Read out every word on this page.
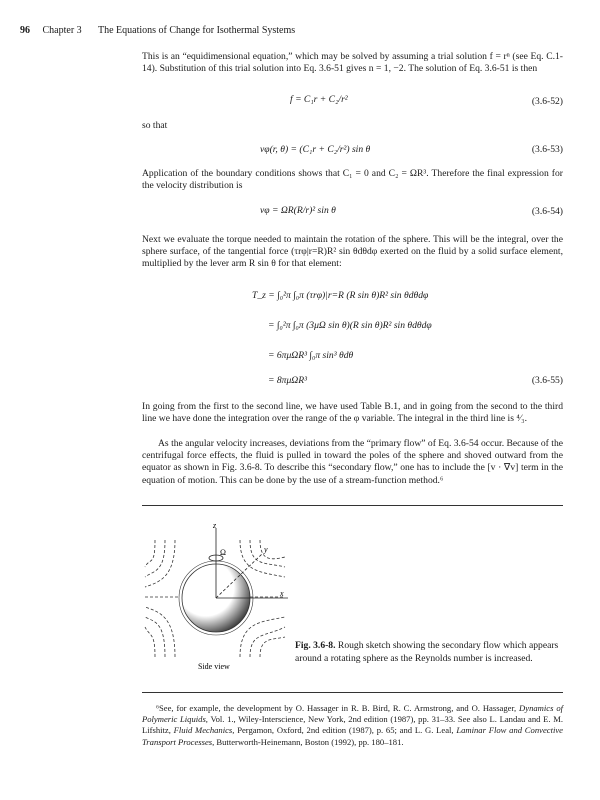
96 Chapter 3 The Equations of Change for Isothermal Systems
This is an “equidimensional equation,” which may be solved by assuming a trial solution f = rⁿ (see Eq. C.1-14). Substitution of this trial solution into Eq. 3.6-51 gives n = 1, −2. The solution of Eq. 3.6-51 is then
f = C₁r + C₂/r²	(3.6-52)
so that
vφ(r, θ) = (C₁r + C₂/r²) sin θ	(3.6-53)
Application of the boundary conditions shows that C₁ = 0 and C₂ = ΩR³. Therefore the final expression for the velocity distribution is
vφ = ΩR(R/r)² sin θ	(3.6-54)
Next we evaluate the torque needed to maintain the rotation of the sphere. This will be the integral, over the sphere surface, of the tangential force (τrφ|r=R)R² sin θdθdφ exerted on the fluid by a solid surface element, multiplied by the lever arm R sin θ for that element:
T_z = ∫₀²π ∫₀π (τrφ)|r=R (R sin θ)R² sin θdθdφ
= ∫₀²π ∫₀π (3μΩ sin θ)(R sin θ)R² sin θdθdφ
= 6πμΩR³ ∫₀π sin³ θdθ
= 8πμΩR³	(3.6-55)
In going from the first to the second line, we have used Table B.1, and in going from the second to the third line we have done the integration over the range of the φ variable. The integral in the third line is ⁴⁄₃.
As the angular velocity increases, deviations from the “primary flow” of Eq. 3.6-54 occur. Because of the centrifugal force effects, the fluid is pulled in toward the poles of the sphere and shoved outward from the equator as shown in Fig. 3.6-8. To describe this “secondary flow,” one has to include the [v · ∇v] term in the equation of motion. This can be done by the use of a stream-function method.⁶
z
y
x
Ω
Side view
Fig. 3.6-8. Rough sketch showing the secondary flow which appears around a rotating sphere as the Reynolds number is increased.
⁶See, for example, the development by O. Hassager in R. B. Bird, R. C. Armstrong, and O. Hassager, Dynamics of Polymeric Liquids, Vol. 1., Wiley-Interscience, New York, 2nd edition (1987), pp. 31–33. See also L. Landau and E. M. Lifshitz, Fluid Mechanics, Pergamon, Oxford, 2nd edition (1987), p. 65; and L. G. Leal, Laminar Flow and Convective Transport Processes, Butterworth-Heinemann, Boston (1992), pp. 180–181.
